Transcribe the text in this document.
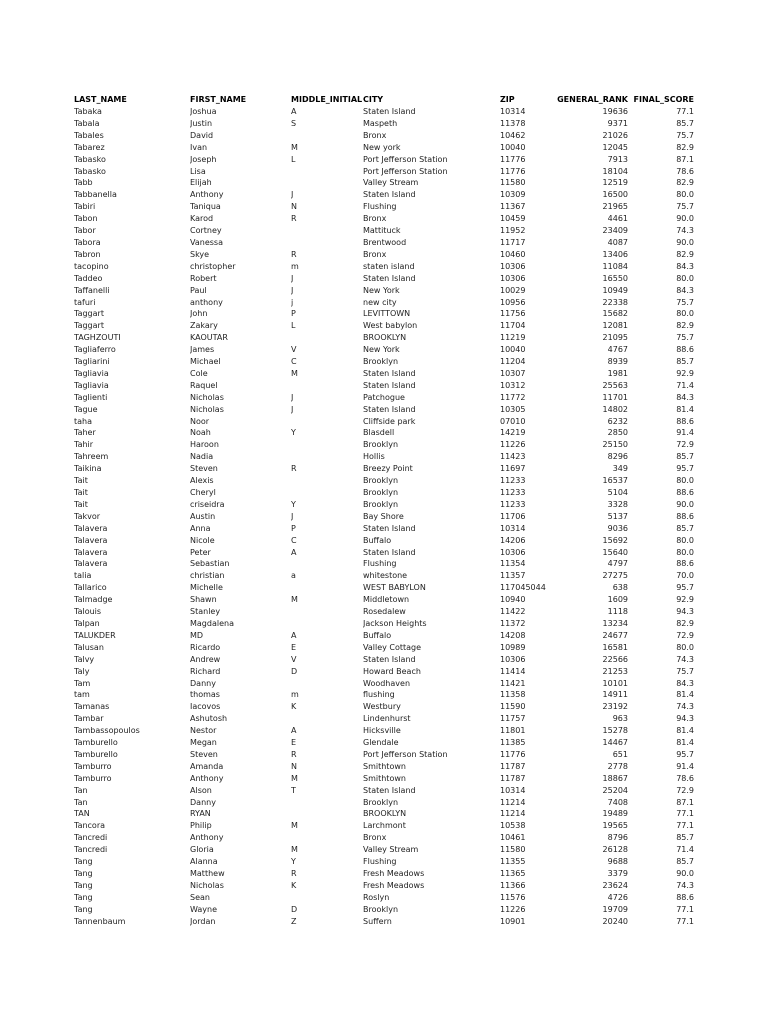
LAST_NAME	FIRST_NAME	MIDDLE_INITIAL	CITY	ZIP	GENERAL_RANK	FINAL_SCORE
Tabaka	Joshua	A	Staten Island	10314	19636	77.1
Tabala	Justin	S	Maspeth	11378	9371	85.7
Tabales	David		Bronx	10462	21026	75.7
Tabarez	Ivan	M	New york	10040	12045	82.9
Tabasko	Joseph	L	Port Jefferson Station	11776	7913	87.1
Tabasko	Lisa		Port Jefferson Station	11776	18104	78.6
Tabb	Elijah		Valley Stream	11580	12519	82.9
Tabbanella	Anthony	J	Staten Island	10309	16500	80.0
Tabiri	Taniqua	N	Flushing	11367	21965	75.7
Tabon	Karod	R	Bronx	10459	4461	90.0
Tabor	Cortney		Mattituck	11952	23409	74.3
Tabora	Vanessa		Brentwood	11717	4087	90.0
Tabron	Skye	R	Bronx	10460	13406	82.9
tacopino	christopher	m	staten island	10306	11084	84.3
Taddeo	Robert	J	Staten Island	10306	16550	80.0
Taffanelli	Paul	J	New York	10029	10949	84.3
tafuri	anthony	j	new city	10956	22338	75.7
Taggart	John	P	LEVITTOWN	11756	15682	80.0
Taggart	Zakary	L	West babylon	11704	12081	82.9
TAGHZOUTI	KAOUTAR		BROOKLYN	11219	21095	75.7
Tagliaferro	James	V	New York	10040	4767	88.6
Tagliarini	Michael	C	Brooklyn	11204	8939	85.7
Tagliavia	Cole	M	Staten Island	10307	1981	92.9
Tagliavia	Raquel		Staten Island	10312	25563	71.4
Taglienti	Nicholas	J	Patchogue	11772	11701	84.3
Tague	Nicholas	J	Staten Island	10305	14802	81.4
taha	Noor		Cliffside park	07010	6232	88.6
Taher	Noah	Y	Blasdell	14219	2850	91.4
Tahir	Haroon		Brooklyn	11226	25150	72.9
Tahreem	Nadia		Hollis	11423	8296	85.7
Taikina	Steven	R	Breezy Point	11697	349	95.7
Tait	Alexis		Brooklyn	11233	16537	80.0
Tait	Cheryl		Brooklyn	11233	5104	88.6
Tait	criseidra	Y	Brooklyn	11233	3328	90.0
Takvor	Austin	J	Bay Shore	11706	5137	88.6
Talavera	Anna	P	Staten Island	10314	9036	85.7
Talavera	Nicole	C	Buffalo	14206	15692	80.0
Talavera	Peter	A	Staten Island	10306	15640	80.0
Talavera	Sebastian		Flushing	11354	4797	88.6
talia	christian	a	whitestone	11357	27275	70.0
Tallarico	Michelle		WEST BABYLON	117045044	638	95.7
Talmadge	Shawn	M	Middletown	10940	1609	92.9
Talouis	Stanley		Rosedalew	11422	1118	94.3
Talpan	Magdalena		Jackson Heights	11372	13234	82.9
TALUKDER	MD	A	Buffalo	14208	24677	72.9
Talusan	Ricardo	E	Valley Cottage	10989	16581	80.0
Talvy	Andrew	V	Staten Island	10306	22566	74.3
Taly	Richard	D	Howard Beach	11414	21253	75.7
Tam	Danny		Woodhaven	11421	10101	84.3
tam	thomas	m	flushing	11358	14911	81.4
Tamanas	Iacovos	K	Westbury	11590	23192	74.3
Tambar	Ashutosh		Lindenhurst	11757	963	94.3
Tambassopoulos	Nestor	A	Hicksville	11801	15278	81.4
Tamburello	Megan	E	Glendale	11385	14467	81.4
Tamburello	Steven	R	Port Jefferson Station	11776	651	95.7
Tamburro	Amanda	N	Smithtown	11787	2778	91.4
Tamburro	Anthony	M	Smithtown	11787	18867	78.6
Tan	Alson	T	Staten Island	10314	25204	72.9
Tan	Danny		Brooklyn	11214	7408	87.1
TAN	RYAN		BROOKLYN	11214	19489	77.1
Tancora	Philip	M	Larchmont	10538	19565	77.1
Tancredi	Anthony		Bronx	10461	8796	85.7
Tancredi	Gloria	M	Valley Stream	11580	26128	71.4
Tang	Alanna	Y	Flushing	11355	9688	85.7
Tang	Matthew	R	Fresh Meadows	11365	3379	90.0
Tang	Nicholas	K	Fresh Meadows	11366	23624	74.3
Tang	Sean		Roslyn	11576	4726	88.6
Tang	Wayne	D	Brooklyn	11226	19709	77.1
Tannenbaum	Jordan	Z	Suffern	10901	20240	77.1
